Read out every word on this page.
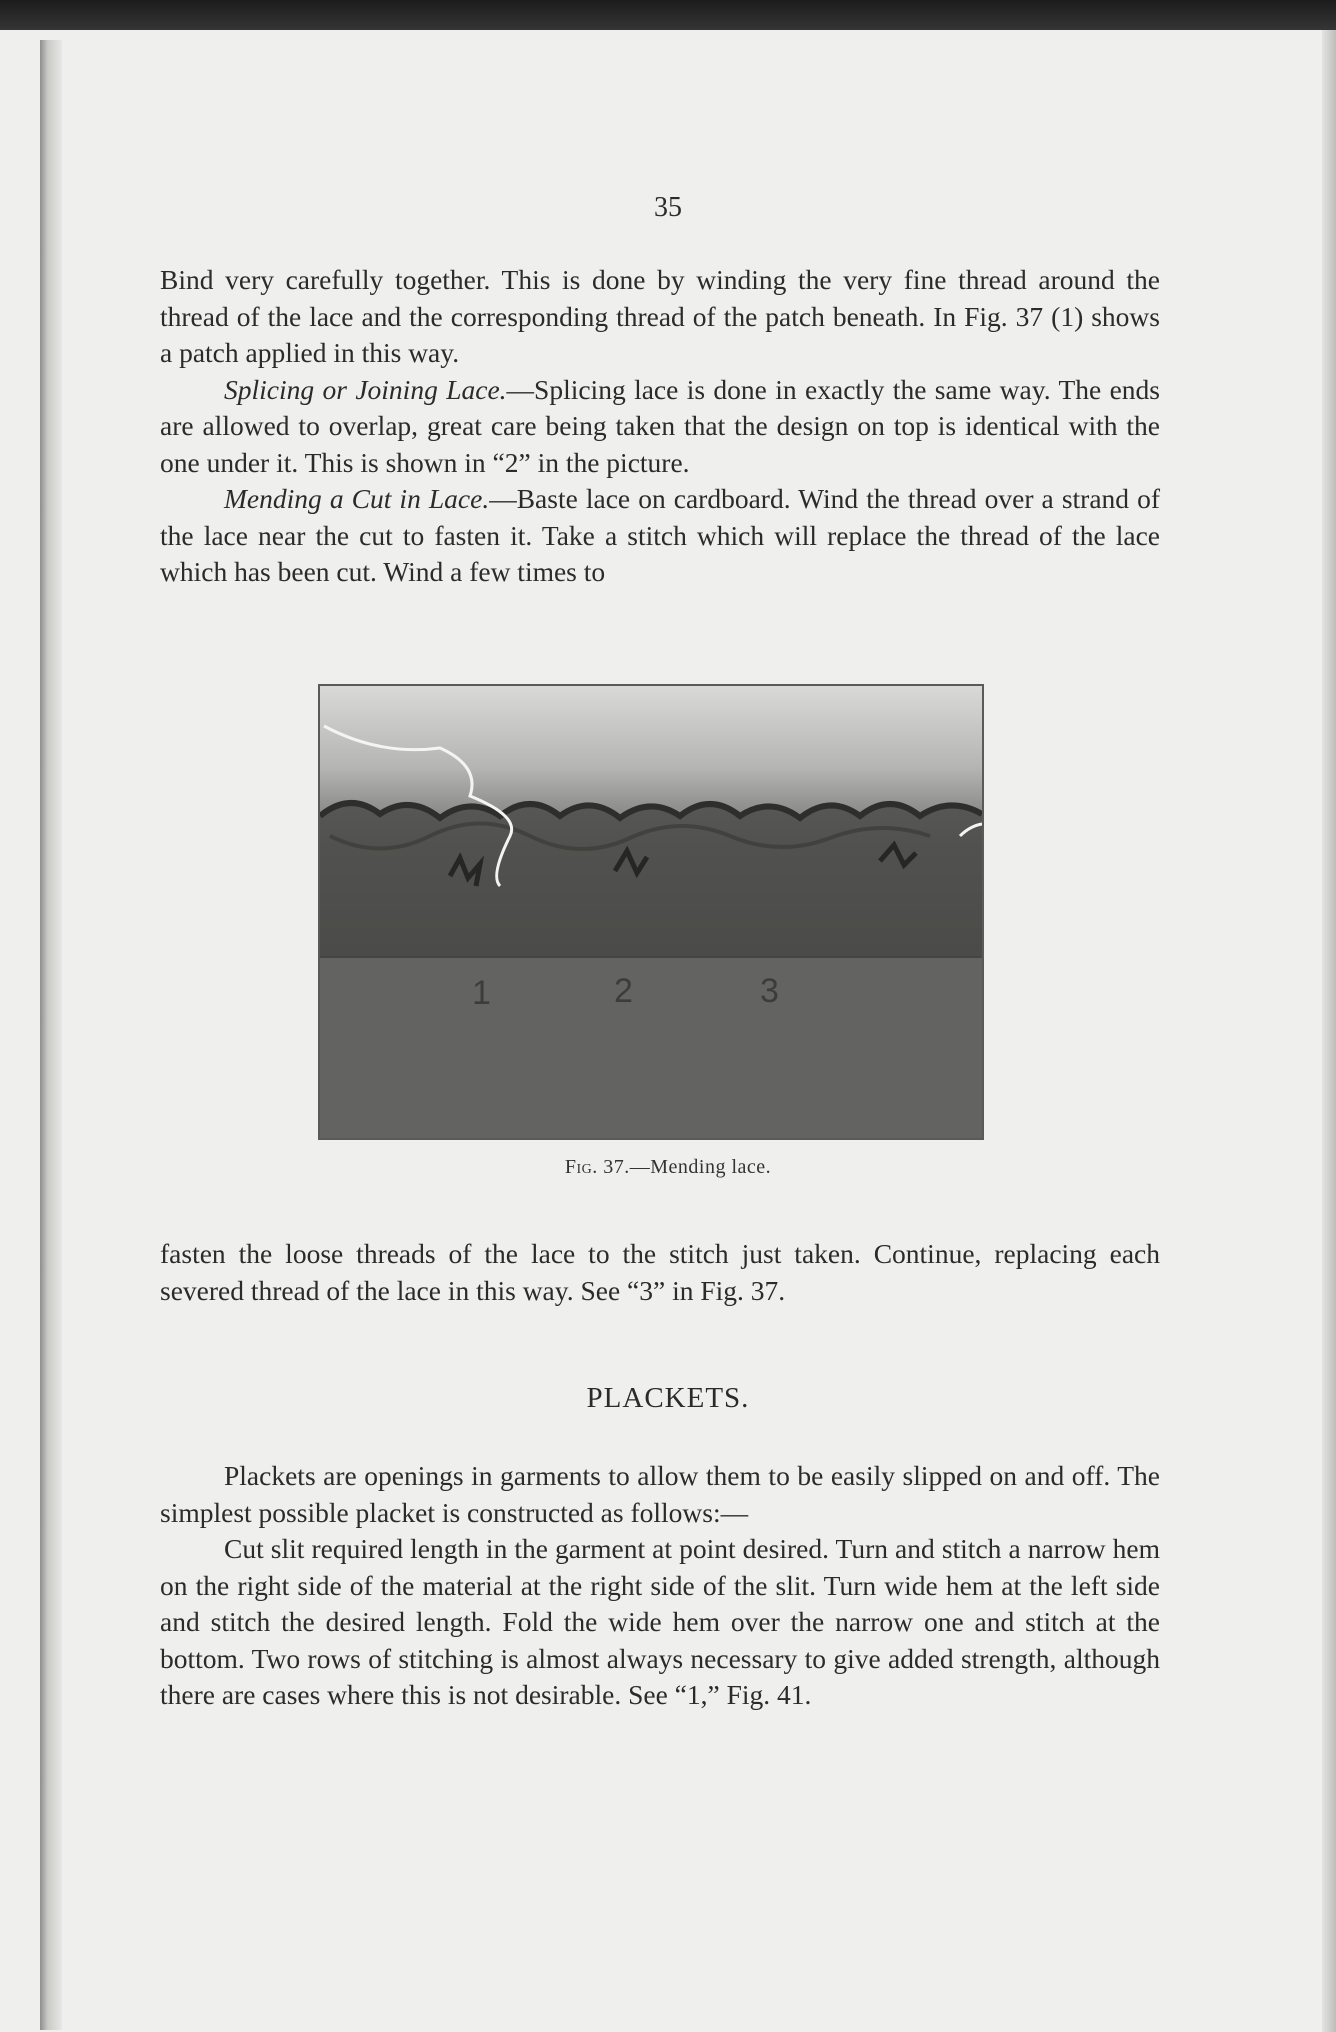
35

Bind very carefully together. This is done by winding the very fine thread around the thread of the lace and the corresponding thread of the patch beneath. In Fig. 37 (1) shows a patch applied in this way.

Splicing or Joining Lace.—Splicing lace is done in exactly the same way. The ends are allowed to overlap, great care being taken that the design on top is identical with the one under it. This is shown in “2” in the picture.

Mending a Cut in Lace.—Baste lace on cardboard. Wind the thread over a strand of the lace near the cut to fasten it. Take a stitch which will replace the thread of the lace which has been cut. Wind a few times to

1	2	3
Fig. 37.—Mending lace.

fasten the loose threads of the lace to the stitch just taken. Continue, replacing each severed thread of the lace in this way. See “3” in Fig. 37.

PLACKETS.

Plackets are openings in garments to allow them to be easily slipped on and off. The simplest possible placket is constructed as follows:—

Cut slit required length in the garment at point desired. Turn and stitch a narrow hem on the right side of the material at the right side of the slit. Turn wide hem at the left side and stitch the desired length. Fold the wide hem over the narrow one and stitch at the bottom. Two rows of stitching is almost always necessary to give added strength, although there are cases where this is not desirable. See “1,” Fig. 41.
